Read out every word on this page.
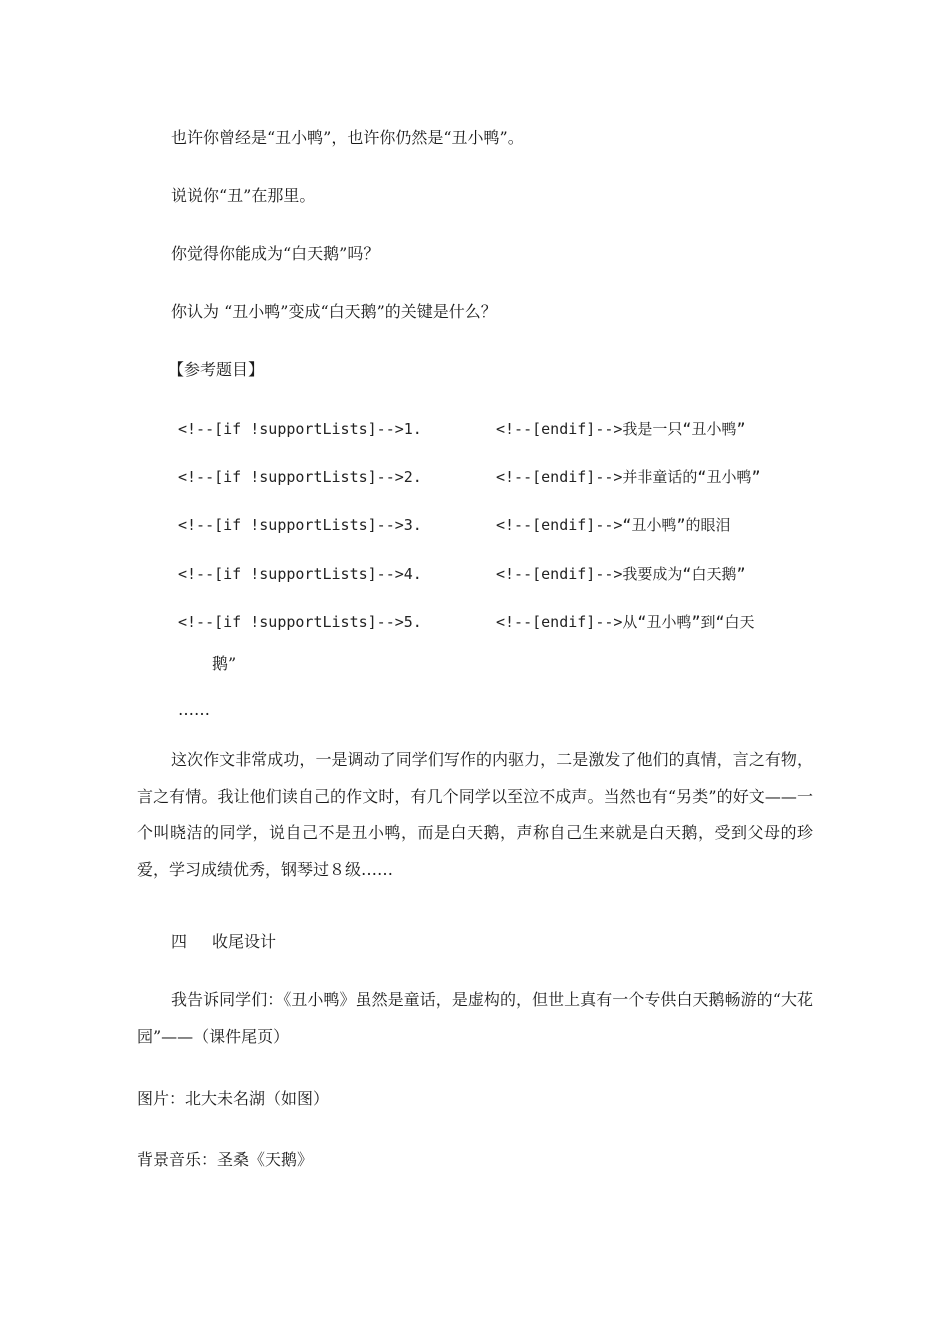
也许你曾经是“丑小鸭”，也许你仍然是“丑小鸭”。
说说你“丑”在那里。
你觉得你能成为“白天鹅”吗？
你认为 “丑小鸭”变成“白天鹅”的关键是什么？
【参考题目】
<!--[if !supportLists]-->1.	<!--[endif]-->我是一只“丑小鸭”
<!--[if !supportLists]-->2.	<!--[endif]-->并非童话的“丑小鸭”
<!--[if !supportLists]-->3.	<!--[endif]-->“丑小鸭”的眼泪
<!--[if !supportLists]-->4.	<!--[endif]-->我要成为“白天鹅”
<!--[if !supportLists]-->5.	<!--[endif]-->从“丑小鸭”到“白天
鹅”
……
这次作文非常成功，一是调动了同学们写作的内驱力，二是激发了他们的真情，言之有物，言之有情。我让他们读自己的作文时，有几个同学以至泣不成声。当然也有“另类”的好文——一个叫晓洁的同学，说自己不是丑小鸭，而是白天鹅，声称自己生来就是白天鹅，受到父母的珍爱，学习成绩优秀，钢琴过８级……
四 收尾设计
我告诉同学们：《丑小鸭》虽然是童话，是虚构的，但世上真有一个专供白天鹅畅游的“大花园”——（课件尾页）
图片：北大未名湖（如图）
背景音乐：圣桑《天鹅》
